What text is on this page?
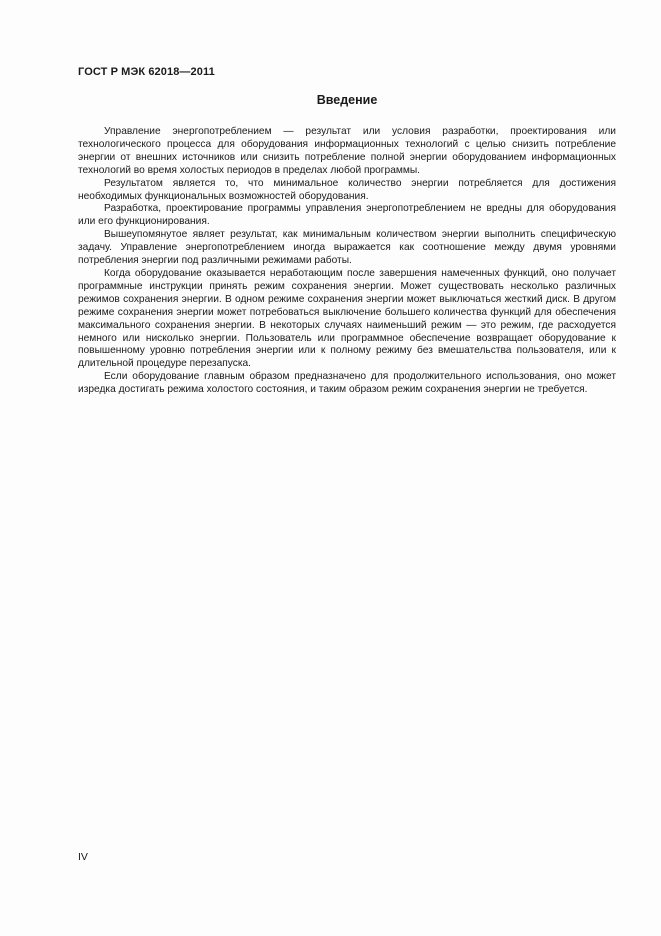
ГОСТ Р МЭК 62018—2011
Введение

Управление энергопотреблением — результат или условия разработки, проектирования или технологического процесса для оборудования информационных технологий с целью снизить потребление энергии от внешних источников или снизить потребление полной энергии оборудованием информационных технологий во время холостых периодов в пределах любой программы.

Результатом является то, что минимальное количество энергии потребляется для достижения необходимых функциональных возможностей оборудования.

Разработка, проектирование программы управления энергопотреблением не вредны для оборудования или его функционирования.

Вышеупомянутое являет результат, как минимальным количеством энергии выполнить специфическую задачу. Управление энергопотреблением иногда выражается как соотношение между двумя уровнями потребления энергии под различными режимами работы.

Когда оборудование оказывается неработающим после завершения намеченных функций, оно получает программные инструкции принять режим сохранения энергии. Может существовать несколько различных режимов сохранения энергии. В одном режиме сохранения энергии может выключаться жесткий диск. В другом режиме сохранения энергии может потребоваться выключение большего количества функций для обеспечения максимального сохранения энергии. В некоторых случаях наименьший режим — это режим, где расходуется немного или нисколько энергии. Пользователь или программное обеспечение возвращает оборудование к повышенному уровню потребления энергии или к полному режиму без вмешательства пользователя, или к длительной процедуре перезапуска.

Если оборудование главным образом предназначено для продолжительного использования, оно может изредка достигать режима холостого состояния, и таким образом режим сохранения энергии не требуется.

IV
